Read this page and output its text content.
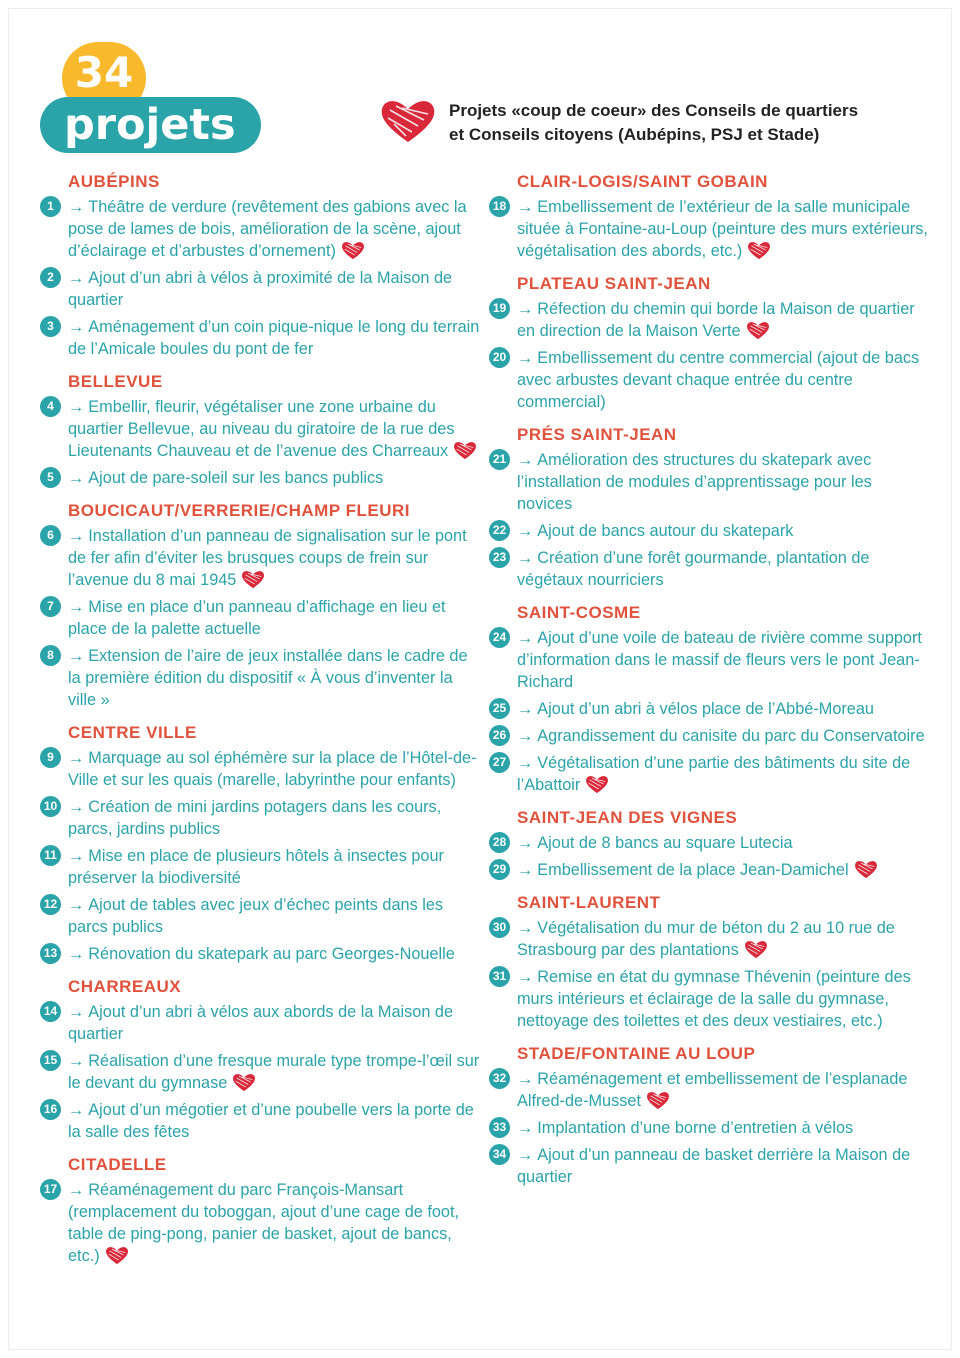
34
projets	Projets «coup de coeur» des Conseils de quartiers
et Conseils citoyens (Aubépins, PSJ et Stade)
AUBÉPINS
1 → Théâtre de verdure (revêtement des gabions avec la pose de lames de bois, amélioration de la scène, ajout d’éclairage et d’arbustes d’ornement)
2 → Ajout d’un abri à vélos à proximité de la Maison de quartier
3 → Aménagement d’un coin pique-nique le long du terrain de l’Amicale boules du pont de fer
BELLEVUE
4 → Embellir, fleurir, végétaliser une zone urbaine du quartier Bellevue, au niveau du giratoire de la rue des Lieutenants Chauveau et de l’avenue des Charreaux
5 → Ajout de pare-soleil sur les bancs publics
BOUCICAUT/VERRERIE/CHAMP FLEURI
6 → Installation d’un panneau de signalisation sur le pont de fer afin d’éviter les brusques coups de frein sur l’avenue du 8 mai 1945
7 → Mise en place d’un panneau d’affichage en lieu et place de la palette actuelle
8 → Extension de l’aire de jeux installée dans le cadre de la première édition du dispositif « À vous d’inventer la ville »
CENTRE VILLE
9 → Marquage au sol éphémère sur la place de l’Hôtel-de-Ville et sur les quais (marelle, labyrinthe pour enfants)
10 → Création de mini jardins potagers dans les cours, parcs, jardins publics
11 → Mise en place de plusieurs hôtels à insectes pour préserver la biodiversité
12 → Ajout de tables avec jeux d’échec peints dans les parcs publics
13 → Rénovation du skatepark au parc Georges-Nouelle
CHARREAUX
14 → Ajout d’un abri à vélos aux abords de la Maison de quartier
15 → Réalisation d’une fresque murale type trompe-l’œil sur le devant du gymnase
16 → Ajout d’un mégotier et d’une poubelle vers la porte de la salle des fêtes
CITADELLE
17 → Réaménagement du parc François-Mansart (remplacement du toboggan, ajout d’une cage de foot, table de ping-pong, panier de basket, ajout de bancs, etc.)
CLAIR-LOGIS/SAINT GOBAIN
18 → Embellissement de l’extérieur de la salle municipale située à Fontaine-au-Loup (peinture des murs extérieurs, végétalisation des abords, etc.)
PLATEAU SAINT-JEAN
19 → Réfection du chemin qui borde la Maison de quartier en direction de la Maison Verte
20 → Embellissement du centre commercial (ajout de bacs avec arbustes devant chaque entrée du centre commercial)
PRÉS SAINT-JEAN
21 → Amélioration des structures du skatepark avec l’installation de modules d’apprentissage pour les novices
22 → Ajout de bancs autour du skatepark
23 → Création d’une forêt gourmande, plantation de végétaux nourriciers
SAINT-COSME
24 → Ajout d’une voile de bateau de rivière comme support d’information dans le massif de fleurs vers le pont Jean-Richard
25 → Ajout d’un abri à vélos place de l’Abbé-Moreau
26 → Agrandissement du canisite du parc du Conservatoire
27 → Végétalisation d’une partie des bâtiments du site de l’Abattoir
SAINT-JEAN DES VIGNES
28 → Ajout de 8 bancs au square Lutecia
29 → Embellissement de la place Jean-Damichel
SAINT-LAURENT
30 → Végétalisation du mur de béton du 2 au 10 rue de Strasbourg par des plantations
31 → Remise en état du gymnase Thévenin (peinture des murs intérieurs et éclairage de la salle du gymnase, nettoyage des toilettes et des deux vestiaires, etc.)
STADE/FONTAINE AU LOUP
32 → Réaménagement et embellissement de l’esplanade Alfred-de-Musset
33 → Implantation d’une borne d’entretien à vélos
34 → Ajout d’un panneau de basket derrière la Maison de quartier
